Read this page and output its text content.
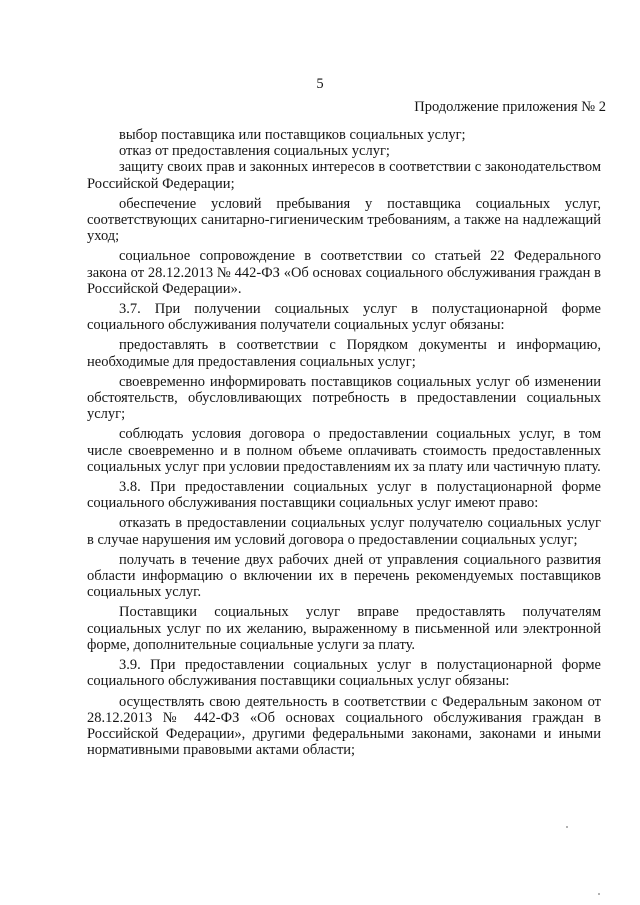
5
Продолжение приложения № 2

выбор поставщика или поставщиков социальных услуг;

отказ от предоставления социальных услуг;

защиту своих прав и законных интересов в соответствии с законодательством Российской Федерации;

обеспечение условий пребывания у поставщика социальных услуг, соответствующих санитарно-гигиеническим требованиям, а также на надлежащий уход;

социальное сопровождение в соответствии со статьей 22 Федерального закона от 28.12.2013 № 442-ФЗ «Об основах социального обслуживания граждан в Российской Федерации».

3.7. При получении социальных услуг в полустационарной форме социального обслуживания получатели социальных услуг обязаны:

предоставлять в соответствии с Порядком документы и информацию, необходимые для предоставления социальных услуг;

своевременно информировать поставщиков социальных услуг об изменении обстоятельств, обусловливающих потребность в предоставлении социальных услуг;

соблюдать условия договора о предоставлении социальных услуг, в том числе своевременно и в полном объеме оплачивать стоимость предоставленных социальных услуг при условии предоставлениям их за плату или частичную плату.

3.8. При предоставлении социальных услуг в полустационарной форме социального обслуживания поставщики социальных услуг имеют право:

отказать в предоставлении социальных услуг получателю социальных услуг в случае нарушения им условий договора о предоставлении социальных услуг;

получать в течение двух рабочих дней от управления социального развития области информацию о включении их в перечень рекомендуемых поставщиков социальных услуг.

Поставщики социальных услуг вправе предоставлять получателям социальных услуг по их желанию, выраженному в письменной или электронной форме, дополнительные социальные услуги за плату.

3.9. При предоставлении социальных услуг в полустационарной форме социального обслуживания поставщики социальных услуг обязаны:

осуществлять свою деятельность в соответствии с Федеральным законом от 28.12.2013 № 442-ФЗ «Об основах социального обслуживания граждан в Российской Федерации», другими федеральными законами, законами и иными нормативными правовыми актами области;
